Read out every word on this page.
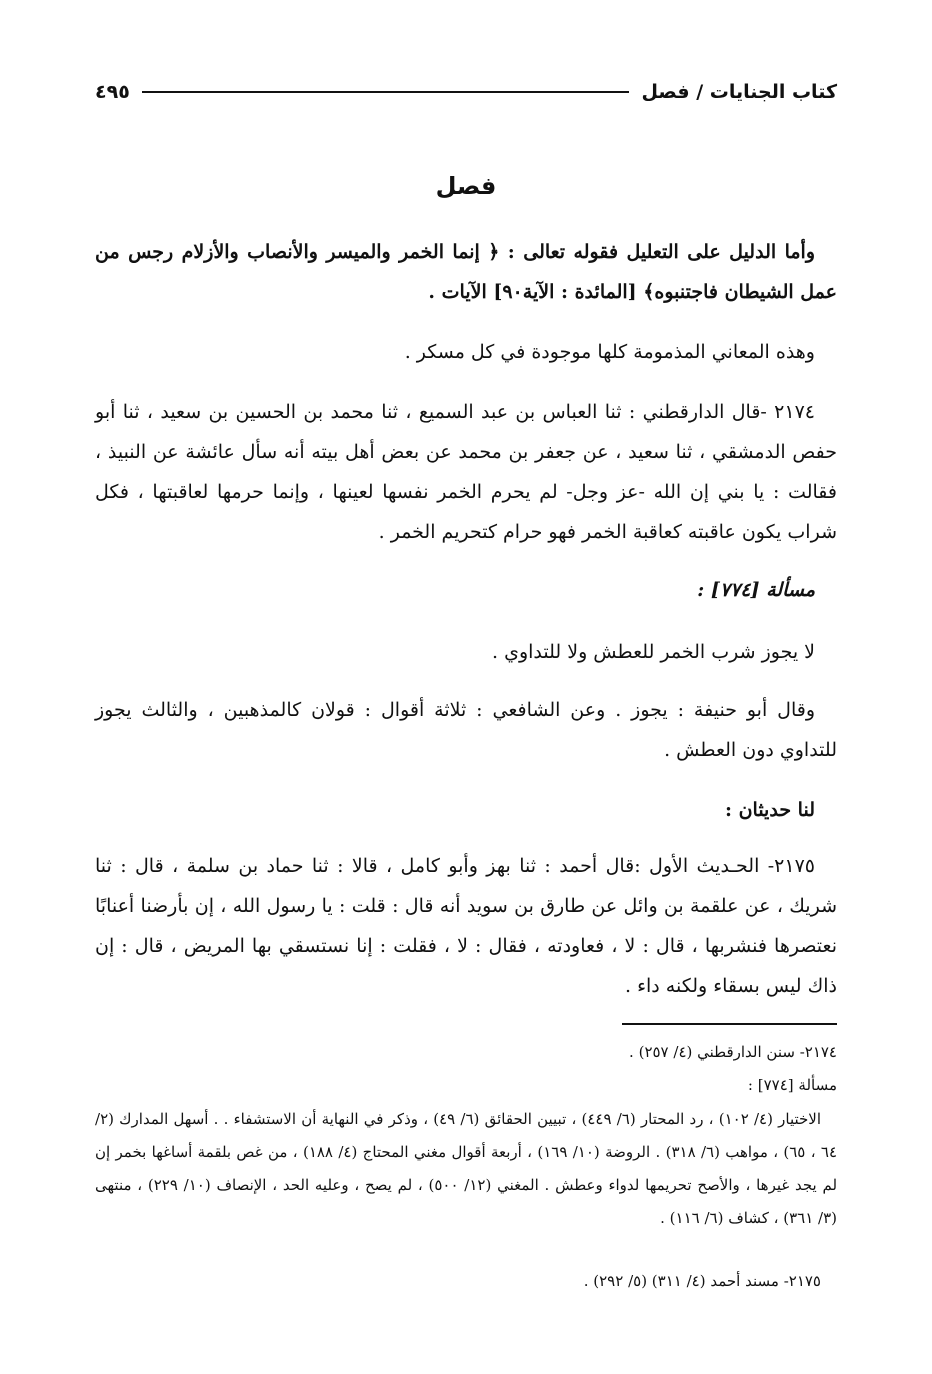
كتاب الجنايات / فصل
٤٩٥
فصل
وأما الدليل على التعليل فقوله تعالى : ﴿ إنما الخمر والميسر والأنصاب والأزلام رجس من عمل الشيطان فاجتنبوه﴾ [المائدة : الآية٩٠] الآيات .
وهذه المعاني المذمومة كلها موجودة في كل مسكر .
٢١٧٤ -قال الدارقطني : ثنا العباس بن عبد السميع ، ثنا محمد بن الحسين بن سعيد ، ثنا أبو حفص الدمشقي ، ثنا سعيد ، عن جعفر بن محمد عن بعض أهل بيته أنه سأل عائشة عن النبيذ ، فقالت : يا بني إن الله -عز وجل- لم يحرم الخمر نفسها لعينها ، وإنما حرمها لعاقبتها ، فكل شراب يكون عاقبته كعاقبة الخمر فهو حرام كتحريم الخمر .
مسألة [٧٧٤] :
لا يجوز شرب الخمر للعطش ولا للتداوي .
وقال أبو حنيفة : يجوز . وعن الشافعي : ثلاثة أقوال : قولان كالمذهبين ، والثالث يجوز للتداوي دون العطش .
لنا حديثان :
٢١٧٥- الحـديث الأول :قال أحمد : ثنا بهز وأبو كامل ، قالا : ثنا حماد بن سلمة ، قال : ثنا شريك ، عن علقمة بن وائل عن طارق بن سويد أنه قال : قلت : يا رسول الله ، إن بأرضنا أعنابًا نعتصرها فنشربها ، قال : لا ، فعاودته ، فقال : لا ، فقلت : إنا نستسقي بها المريض ، قال : إن ذاك ليس بسقاء ولكنه داء .
٢١٧٤- سنن الدارقطني (٤/ ٢٥٧) .
مسألة [٧٧٤] :
الاختيار (٤/ ١٠٢) ، رد المحتار (٦/ ٤٤٩) ، تبيين الحقائق (٦/ ٤٩) ، وذكر في النهاية أن الاستشفاء . . أسهل المدارك (٢/ ٦٤ ، ٦٥) ، مواهب (٦/ ٣١٨) . الروضة (١٠/ ١٦٩) ، أربعة أقوال مغني المحتاج (٤/ ١٨٨) ، من غص بلقمة أساغها بخمر إن لم يجد غيرها ، والأصح تحريمها لدواء وعطش . المغني (١٢/ ٥٠٠) ، لم يصح ، وعليه الحد ، الإنصاف (١٠/ ٢٢٩) ، منتهى (٣/ ٣٦١) ، كشاف (٦/ ١١٦) .
٢١٧٥- مسند أحمد (٤/ ٣١١) (٥/ ٢٩٢) .
